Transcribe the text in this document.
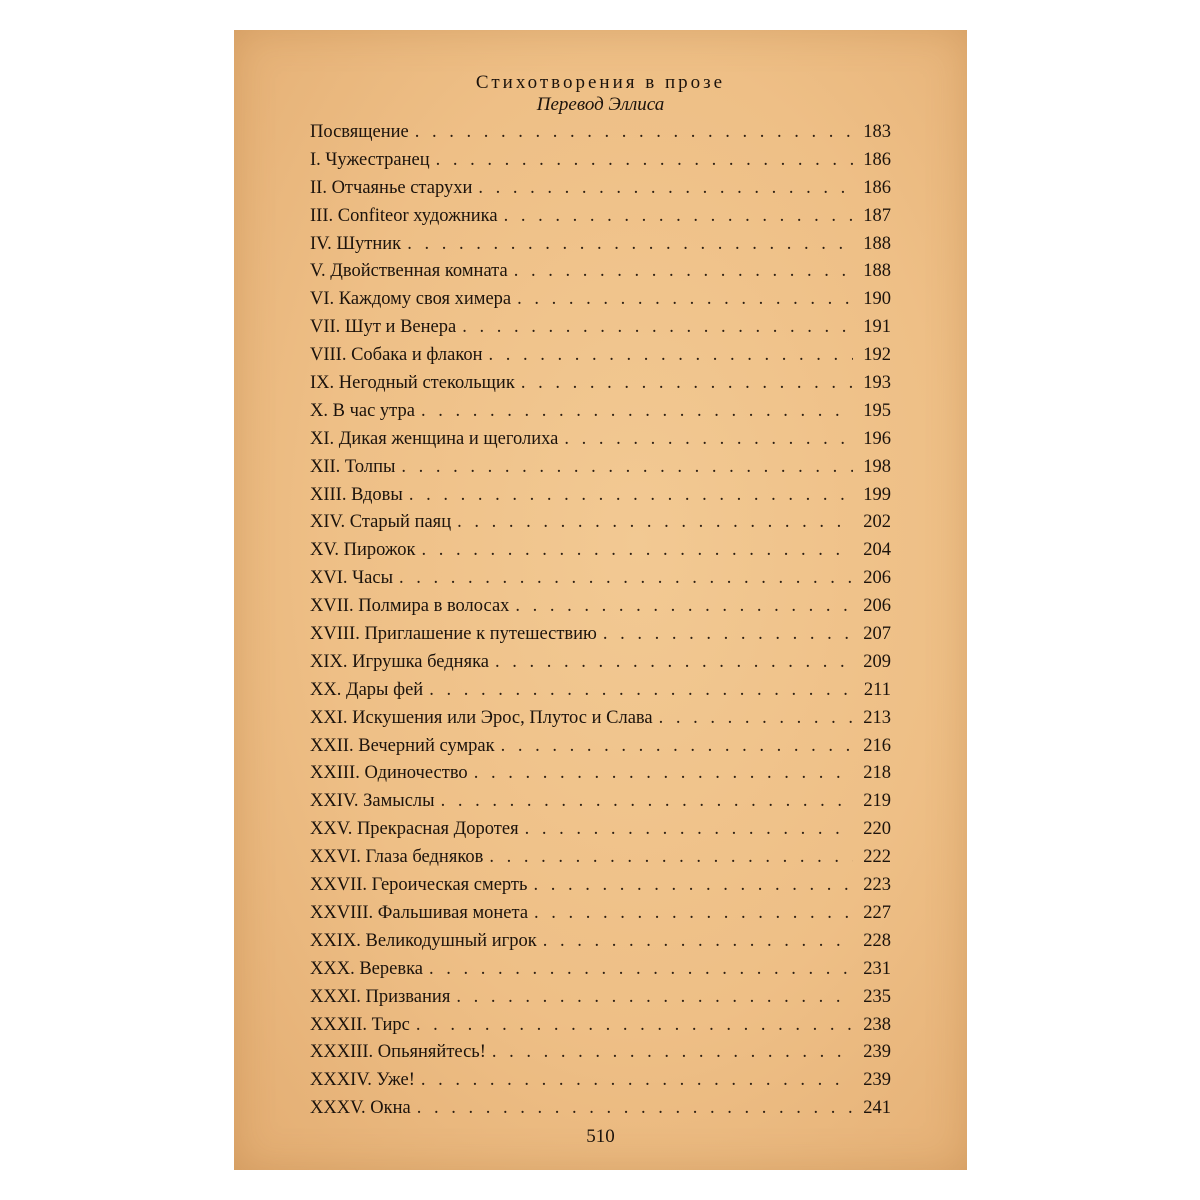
Стихотворения в прозе
Перевод Эллиса
Посвящение . . .	183
I. Чужестранец . . .	186
II. Отчаянье старухи . . .	186
III. Confiteor художника . . .	187
IV. Шутник . . .	188
V. Двойственная комната . . .	188
VI. Каждому своя химера . . .	190
VII. Шут и Венера . . .	191
VIII. Собака и флакон . . .	192
IX. Негодный стекольщик . . .	193
X. В час утра . . .	195
XI. Дикая женщина и щеголиха . . .	196
XII. Толпы . . .	198
XIII. Вдовы . . .	199
XIV. Старый паяц . . .	202
XV. Пирожок . . .	204
XVI. Часы . . .	206
XVII. Полмира в волосах . . .	206
XVIII. Приглашение к путешествию . . .	207
XIX. Игрушка бедняка . . .	209
XX. Дары фей . . .	211
XXI. Искушения или Эрос, Плутос и Слава . . .	213
XXII. Вечерний сумрак . . .	216
XXIII. Одиночество . . .	218
XXIV. Замыслы . . .	219
XXV. Прекрасная Доротея . . .	220
XXVI. Глаза бедняков . . .	222
XXVII. Героическая смерть . . .	223
XXVIII. Фальшивая монета . . .	227
XXIX. Великодушный игрок . . .	228
XXX. Веревка . . .	231
XXXI. Призвания . . .	235
XXXII. Тирс . . .	238
XXXIII. Опьяняйтесь! . . .	239
XXXIV. Уже! . . .	239
XXXV. Окна . . .	241
510
